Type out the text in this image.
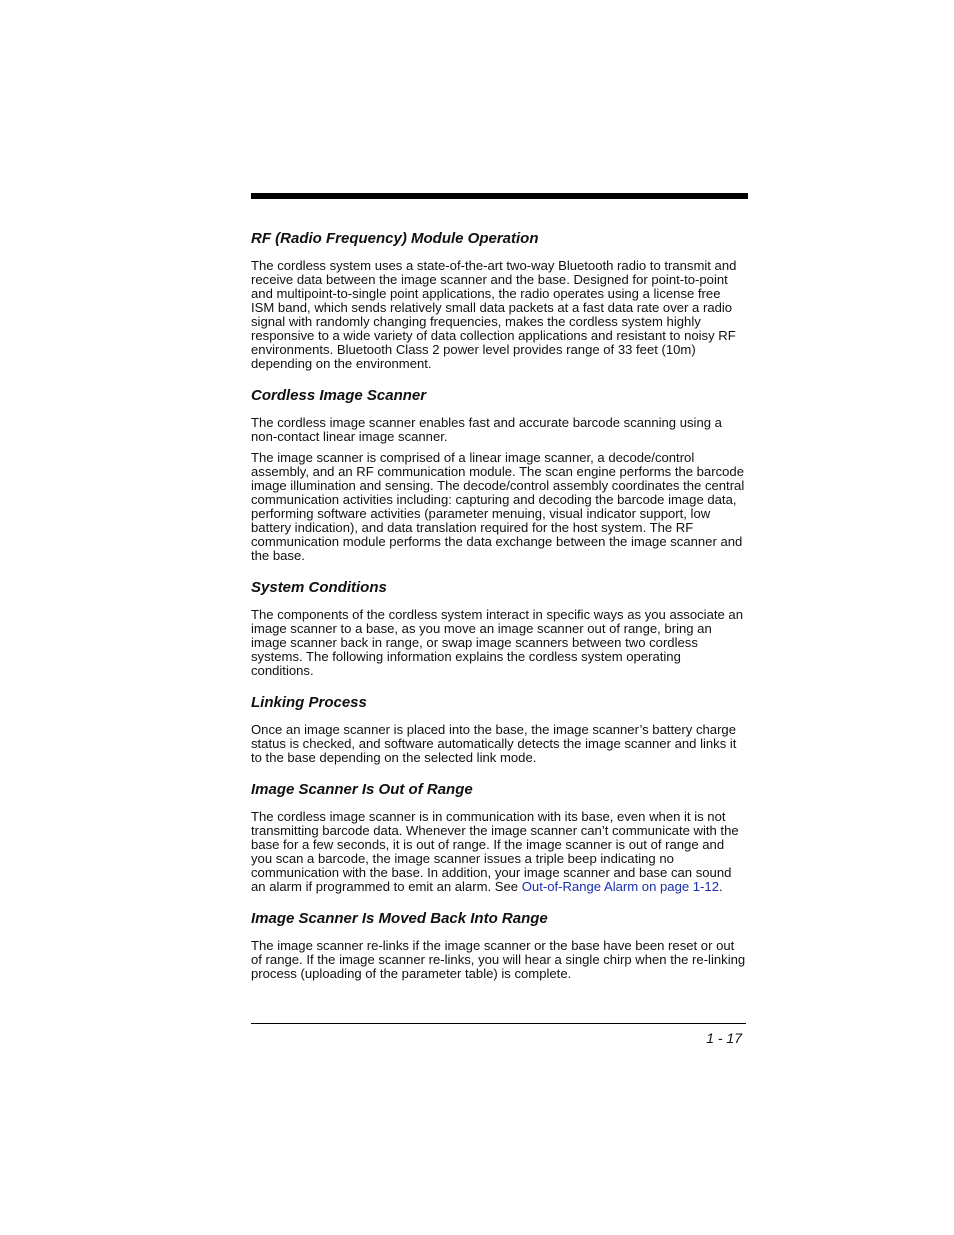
RF (Radio Frequency) Module Operation

The cordless system uses a state-of-the-art two-way Bluetooth radio to transmit and receive data between the image scanner and the base. Designed for point-to-point and multipoint-to-single point applications, the radio operates using a license free ISM band, which sends relatively small data packets at a fast data rate over a radio signal with randomly changing frequencies, makes the cordless system highly responsive to a wide variety of data collection applications and resistant to noisy RF environments. Bluetooth Class 2 power level provides range of 33 feet (10m) depending on the environment.

Cordless Image Scanner

The cordless image scanner enables fast and accurate barcode scanning using a non-contact linear image scanner.

The image scanner is comprised of a linear image scanner, a decode/control assembly, and an RF communication module. The scan engine performs the barcode image illumination and sensing. The decode/control assembly coordinates the central communication activities including: capturing and decoding the barcode image data, performing software activities (parameter menuing, visual indicator support, low battery indication), and data translation required for the host system. The RF communication module performs the data exchange between the image scanner and the base.

System Conditions

The components of the cordless system interact in specific ways as you associate an image scanner to a base, as you move an image scanner out of range, bring an image scanner back in range, or swap image scanners between two cordless systems. The following information explains the cordless system operating conditions.

Linking Process

Once an image scanner is placed into the base, the image scanner’s battery charge status is checked, and software automatically detects the image scanner and links it to the base depending on the selected link mode.

Image Scanner Is Out of Range

The cordless image scanner is in communication with its base, even when it is not transmitting barcode data. Whenever the image scanner can’t communicate with the base for a few seconds, it is out of range. If the image scanner is out of range and you scan a barcode, the image scanner issues a triple beep indicating no communication with the base. In addition, your image scanner and base can sound an alarm if programmed to emit an alarm. See Out-of-Range Alarm on page 1-12.

Image Scanner Is Moved Back Into Range

The image scanner re-links if the image scanner or the base have been reset or out of range. If the image scanner re-links, you will hear a single chirp when the re-linking process (uploading of the parameter table) is complete.

1 - 17
